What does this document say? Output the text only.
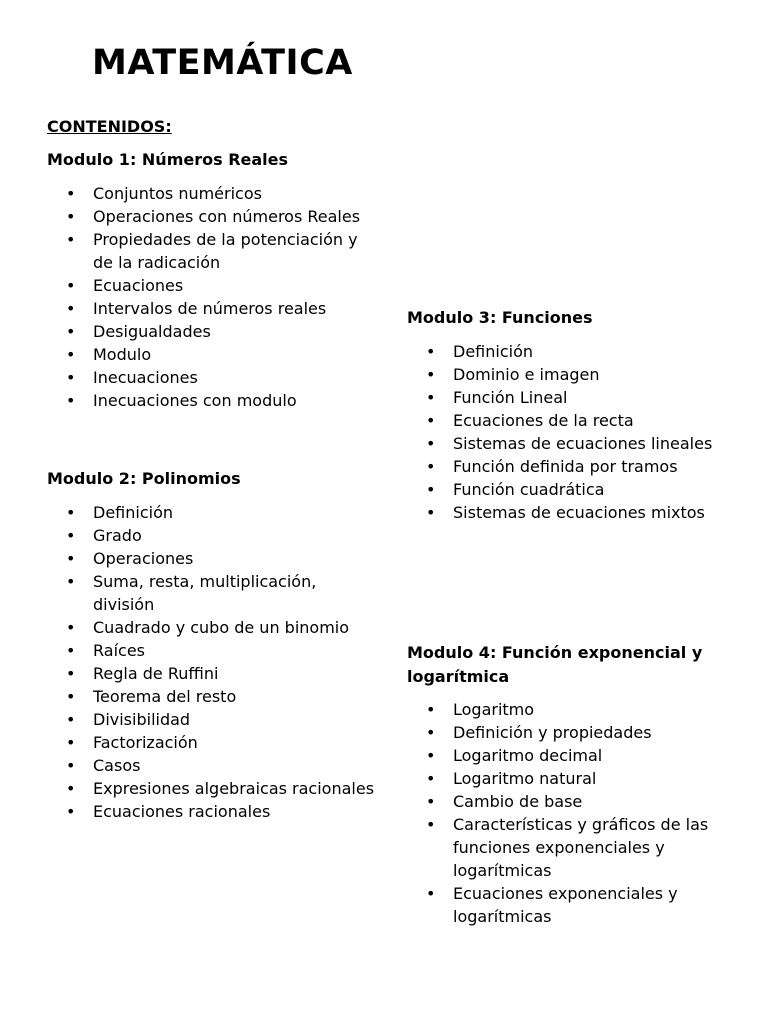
MATEMÁTICA
CONTENIDOS:
Modulo 1: Números Reales
• Conjuntos numéricos
• Operaciones con números Reales
• Propiedades de la potenciación y de la radicación
• Ecuaciones
• Intervalos de números reales
• Desigualdades
• Modulo
• Inecuaciones
• Inecuaciones con modulo
Modulo 2: Polinomios
• Definición
• Grado
• Operaciones
• Suma, resta, multiplicación, división
• Cuadrado y cubo de un binomio
• Raíces
• Regla de Ruffini
• Teorema del resto
• Divisibilidad
• Factorización
• Casos
• Expresiones algebraicas racionales
• Ecuaciones racionales
Modulo 3: Funciones
• Definición
• Dominio e imagen
• Función Lineal
• Ecuaciones de la recta
• Sistemas de ecuaciones lineales
• Función definida por tramos
• Función cuadrática
• Sistemas de ecuaciones mixtos
Modulo 4: Función exponencial y logarítmica
• Logaritmo
• Definición y propiedades
• Logaritmo decimal
• Logaritmo natural
• Cambio de base
• Características y gráficos de las funciones exponenciales y logarítmicas
• Ecuaciones exponenciales y logarítmicas
